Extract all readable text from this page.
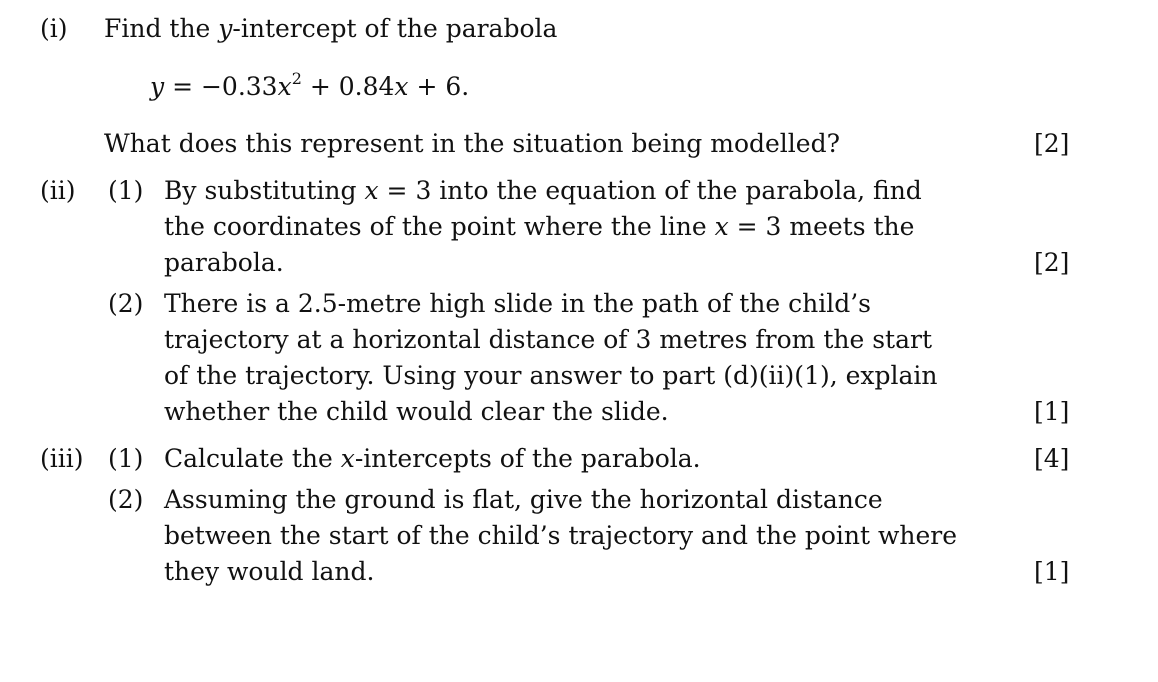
(i) Find the y-intercept of the parabola
$y = -0.33x^2 + 0.84x + 6$.
What does this represent in the situation being modelled?	[2]
(ii) (1) By substituting x = 3 into the equation of the parabola, find
the coordinates of the point where the line x = 3 meets the
parabola.	[2]
(2) There is a 2.5-metre high slide in the path of the child’s
trajectory at a horizontal distance of 3 metres from the start
of the trajectory. Using your answer to part (d)(ii)(1), explain
whether the child would clear the slide.	[1]
(iii) (1) Calculate the x-intercepts of the parabola.	[4]
(2) Assuming the ground is flat, give the horizontal distance
between the start of the child’s trajectory and the point where
they would land.	[1]
